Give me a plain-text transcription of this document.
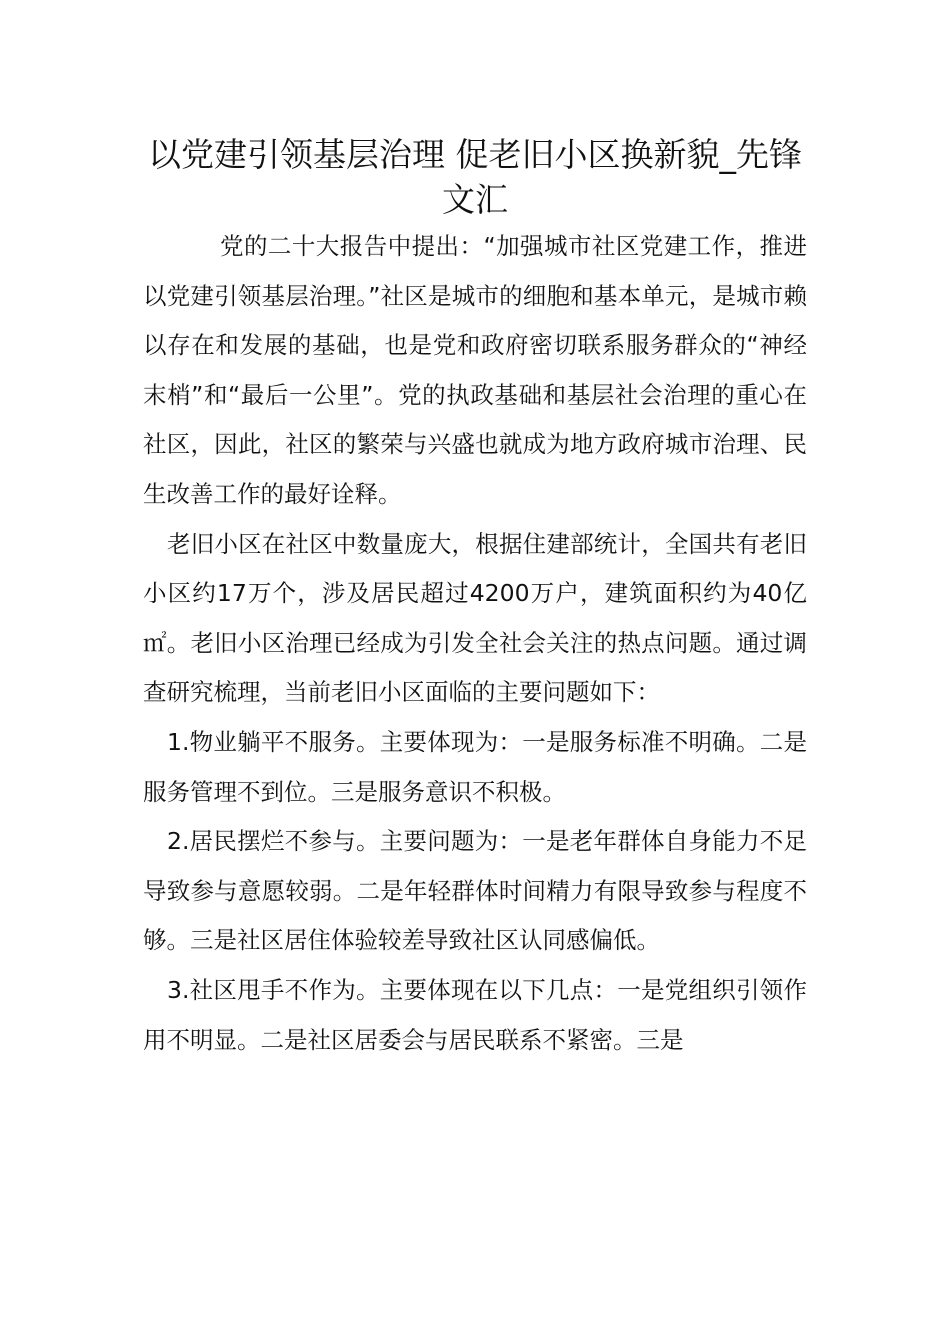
以党建引领基层治理 促老旧小区换新貌_先锋文汇

党的二十大报告中提出：“加强城市社区党建工作，推进以党建引领基层治理。”社区是城市的细胞和基本单元，是城市赖以存在和发展的基础，也是党和政府密切联系服务群众的“神经末梢”和“最后一公里”。党的执政基础和基层社会治理的重心在社区，因此，社区的繁荣与兴盛也就成为地方政府城市治理、民生改善工作的最好诠释。

老旧小区在社区中数量庞大，根据住建部统计，全国共有老旧小区约17万个，涉及居民超过4200万户，建筑面积约为40亿㎡。老旧小区治理已经成为引发全社会关注的热点问题。通过调查研究梳理，当前老旧小区面临的主要问题如下：

1.物业躺平不服务。主要体现为：一是服务标准不明确。二是服务管理不到位。三是服务意识不积极。

2.居民摆烂不参与。主要问题为：一是老年群体自身能力不足导致参与意愿较弱。二是年轻群体时间精力有限导致参与程度不够。三是社区居住体验较差导致社区认同感偏低。

3.社区甩手不作为。主要体现在以下几点：一是党组织引领作用不明显。二是社区居委会与居民联系不紧密。三是
